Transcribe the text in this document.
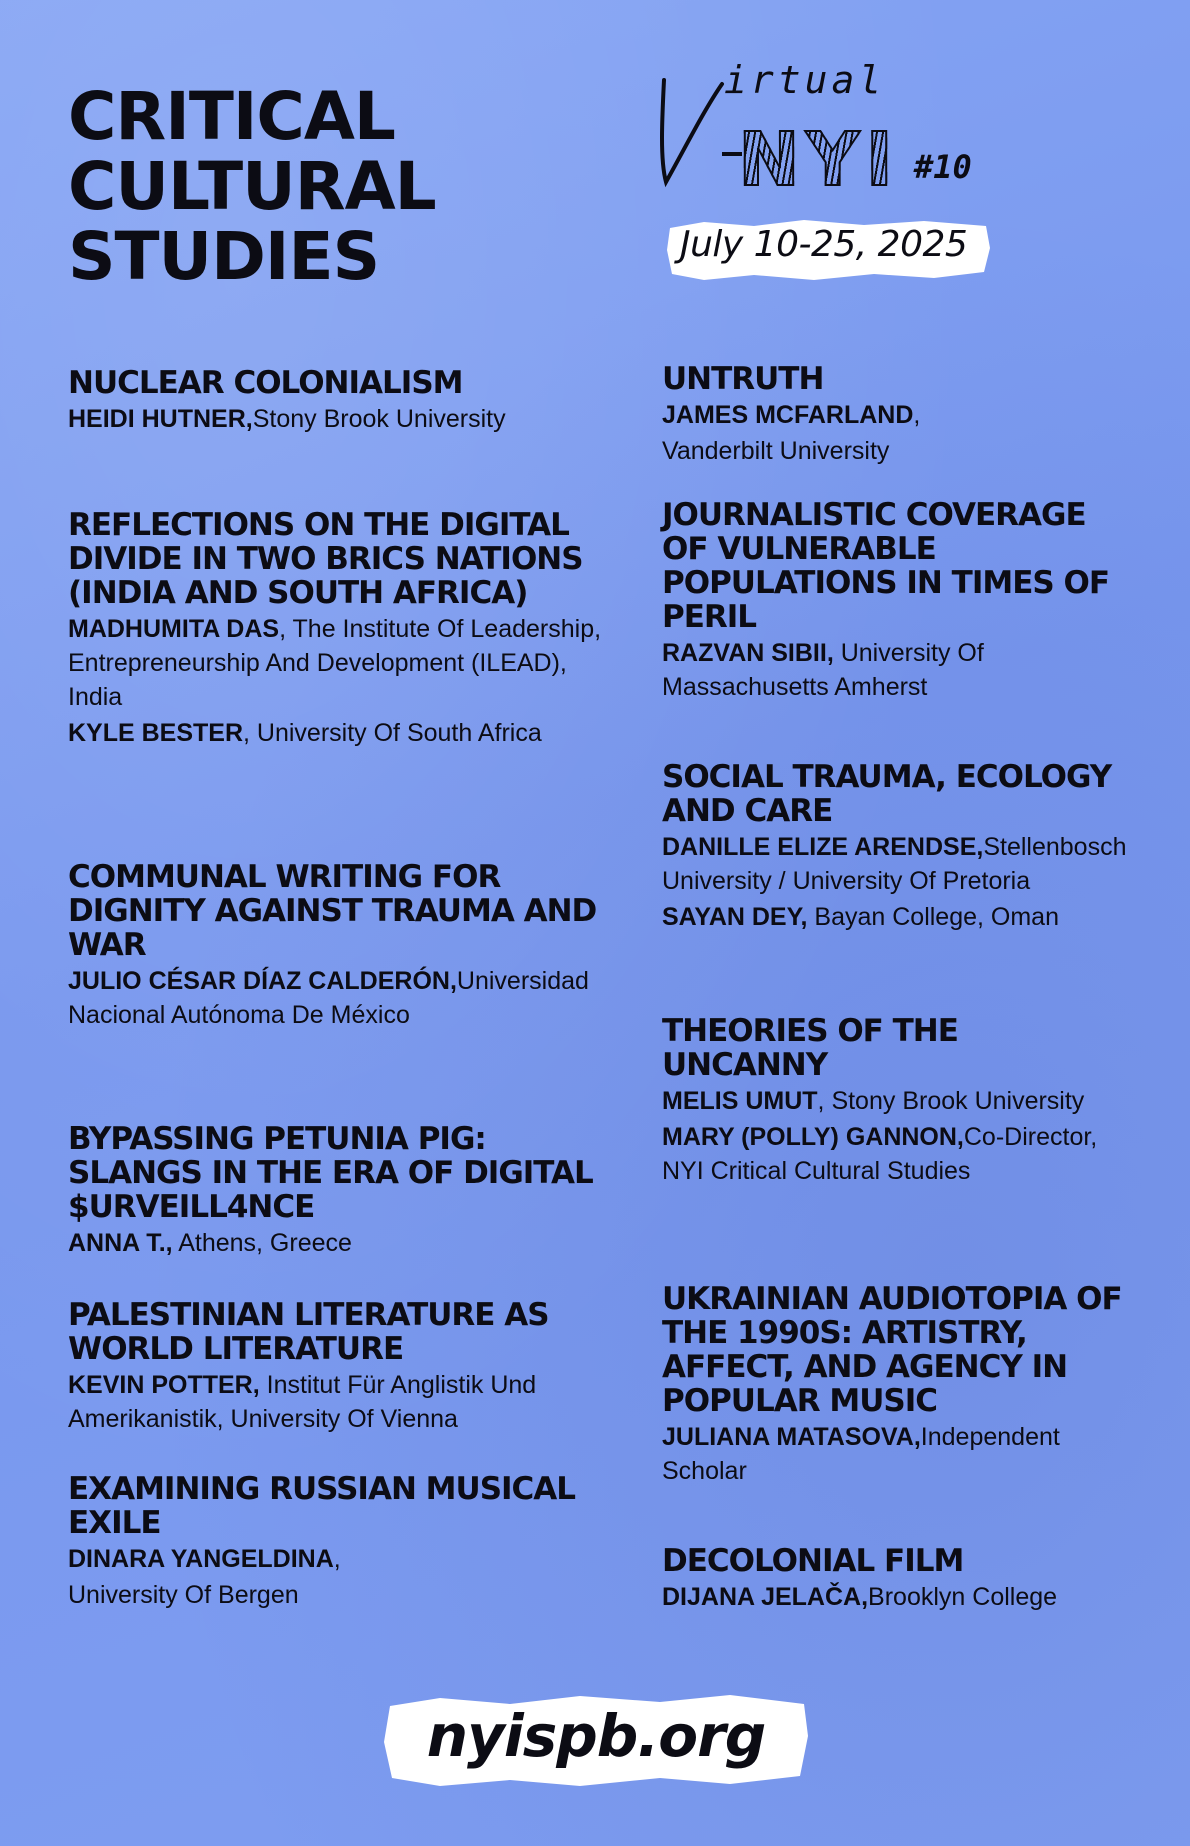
CRITICAL
CULTURAL
STUDIES
irtual
NYI #10
July 10-25, 2025
NUCLEAR COLONIALISM
HEIDI HUTNER,Stony Brook University
REFLECTIONS ON THE DIGITAL DIVIDE IN TWO BRICS NATIONS (INDIA AND SOUTH AFRICA)
MADHUMITA DAS, The Institute Of Leadership, Entrepreneurship And Development (ILEAD), India
KYLE BESTER, University Of South Africa
COMMUNAL WRITING FOR DIGNITY AGAINST TRAUMA AND WAR
JULIO CÉSAR DÍAZ CALDERÓN,Universidad Nacional Autónoma De México
BYPASSING PETUNIA PIG: SLANGS IN THE ERA OF DIGITAL $URVEILL4NCE
ANNA T., Athens, Greece
PALESTINIAN LITERATURE AS WORLD LITERATURE
KEVIN POTTER, Institut Für Anglistik Und Amerikanistik, University Of Vienna
EXAMINING RUSSIAN MUSICAL EXILE
DINARA YANGELDINA,
University Of Bergen
UNTRUTH
JAMES MCFARLAND,
Vanderbilt University
JOURNALISTIC COVERAGE OF VULNERABLE POPULATIONS IN TIMES OF PERIL
RAZVAN SIBII, University Of Massachusetts Amherst
SOCIAL TRAUMA, ECOLOGY AND CARE
DANILLE ELIZE ARENDSE,Stellenbosch University / University Of Pretoria
SAYAN DEY, Bayan College, Oman
THEORIES OF THE UNCANNY
MELIS UMUT, Stony Brook University
MARY (POLLY) GANNON,Co-Director, NYI Critical Cultural Studies
UKRAINIAN AUDIOTOPIA OF THE 1990S: ARTISTRY, AFFECT, AND AGENCY IN POPULAR MUSIC
JULIANA MATASOVA,Independent Scholar
DECOLONIAL FILM
DIJANA JELAČA,Brooklyn College
nyispb.org
